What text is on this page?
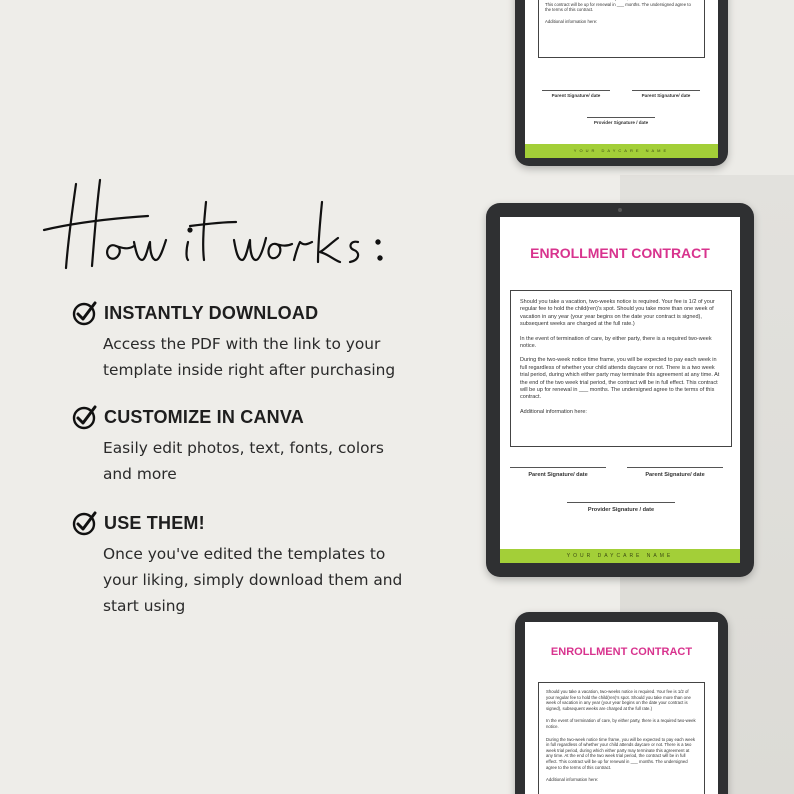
INSTANTLY DOWNLOAD
Access the PDF with the link to your
template inside right after purchasing
CUSTOMIZE IN CANVA
Easily edit photos, text, fonts, colors
and more
USE THEM!
Once you've edited the templates to
your liking, simply download them and
start using

This contract will be up for renewal in ___ months. The undersigned agree to the terms of this contract.

Additional information here:

Parent Signature/ date	Parent Signature/ date
Provider Signature / date
YOUR DAYCARE NAME
ENROLLMENT CONTRACT

Should you take a vacation, two-weeks notice is required. Your fee is 1/2 of your regular fee to hold the child(ren)'s spot. Should you take more than one week of vacation in any year (your year begins on the date your contract is signed), subsequent weeks are charged at the full rate.)

In the event of termination of care, by either party, there is a required two-week notice.

During the two-week notice time frame, you will be expected to pay each week in full regardless of whether your child attends daycare or not. There is a two week trial period, during which either party may terminate this agreement at any time. At the end of the two week trial period, the contract will be in full effect. This contract will be up for renewal in ___ months. The undersigned agree to the terms of this contract.

Additional information here:

Parent Signature/ date	Parent Signature/ date
Provider Signature / date
YOUR DAYCARE NAME
ENROLLMENT CONTRACT

Should you take a vacation, two-weeks notice is required. Your fee is 1/2 of your regular fee to hold the child(ren)'s spot. Should you take more than one week of vacation in any year (your year begins on the date your contract is signed), subsequent weeks are charged at the full rate.)

In the event of termination of care, by either party, there is a required two-week notice.

During the two-week notice time frame, you will be expected to pay each week in full regardless of whether your child attends daycare or not. There is a two week trial period, during which either party may terminate this agreement at any time. At the end of the two week trial period, the contract will be in full effect. This contract will be up for renewal in ___ months. The undersigned agree to the terms of this contract.

Additional information here:
